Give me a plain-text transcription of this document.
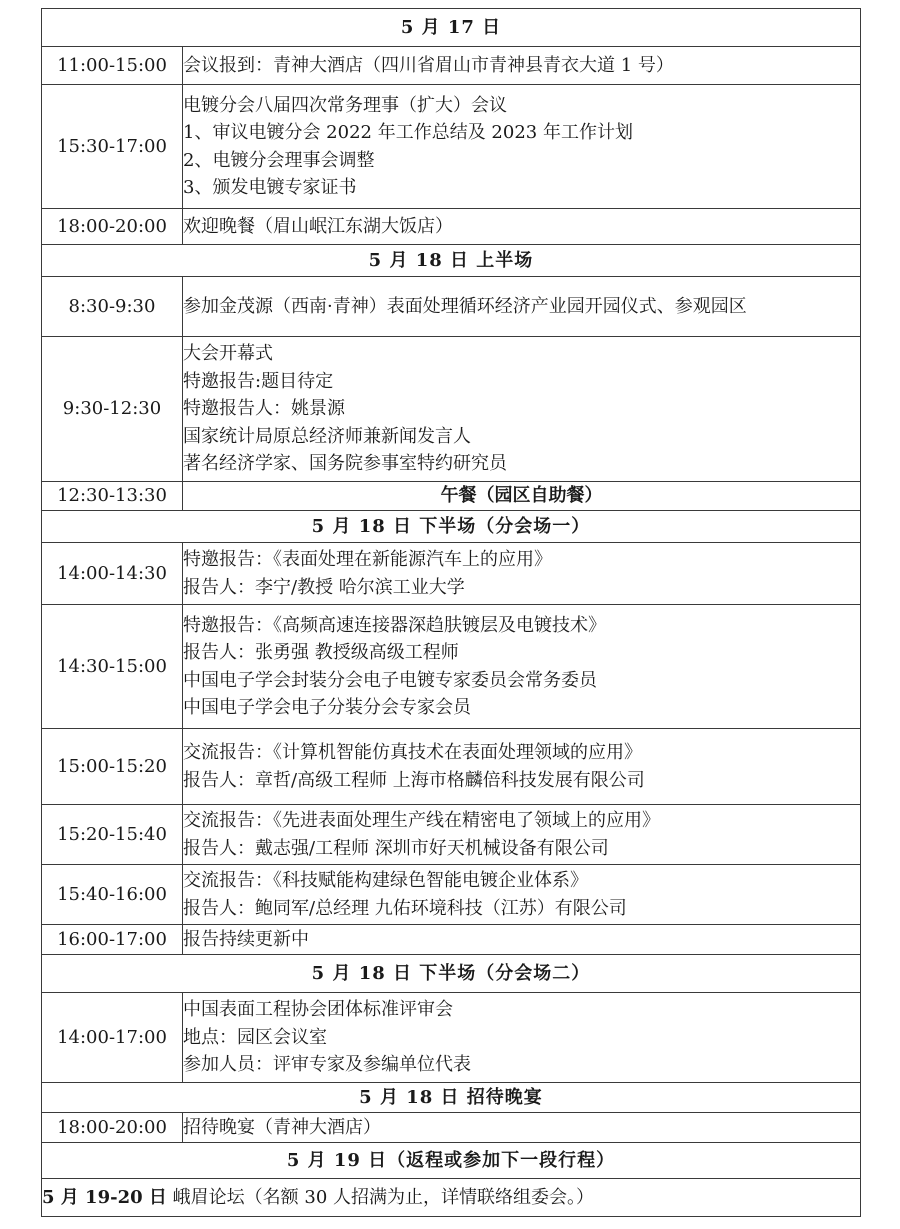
5 月 17 日	
11:00-15:00	会议报到：青神大酒店（四川省眉山市青神县青衣大道 1 号）

15:30-17:00	电镀分会八届四次常务理事（扩大）会议
1、审议电镀分会 2022 年工作总结及 2023 年工作计划
2、电镀分会理事会调整
3、颁发电镀专家证书

18:00-20:00	欢迎晚餐（眉山岷江东湖大饭店）

5 月 18 日 上半场	
8:30-9:30	参加金茂源（西南·青神）表面处理循环经济产业园开园仪式、参观园区

9:30-12:30	大会开幕式
特邀报告:题目待定
特邀报告人：姚景源
国家统计局原总经济师兼新闻发言人
著名经济学家、国务院参事室特约研究员

12:30-13:30	午餐（园区自助餐）
5 月 18 日 下半场（分会场一）	
14:00-14:30	特邀报告：《表面处理在新能源汽车上的应用》
报告人：李宁/教授 哈尔滨工业大学

14:30-15:00	特邀报告：《高频高速连接器深趋肤镀层及电镀技术》
报告人：张勇强 教授级高级工程师
中国电子学会封装分会电子电镀专家委员会常务委员
中国电子学会电子分装分会专家会员

15:00-15:20	交流报告：《计算机智能仿真技术在表面处理领域的应用》
报告人：章哲/高级工程师 上海市格麟倍科技发展有限公司

15:20-15:40	交流报告：《先进表面处理生产线在精密电了领域上的应用》
报告人：戴志强/工程师 深圳市好天机械设备有限公司

15:40-16:00	交流报告：《科技赋能构建绿色智能电镀企业体系》
报告人：鲍同军/总经理 九佑环境科技（江苏）有限公司

16:00-17:00	报告持续更新中

5 月 18 日 下半场（分会场二）	
14:00-17:00	中国表面工程协会团体标准评审会
地点：园区会议室
参加人员：评审专家及参编单位代表

5 月 18 日 招待晚宴	
18:00-20:00	招待晚宴（青神大酒店）

5 月 19 日（返程或参加下一段行程）	
5 月 19-20 日 峨眉论坛（名额 30 人招满为止，详情联络组委会。）	
